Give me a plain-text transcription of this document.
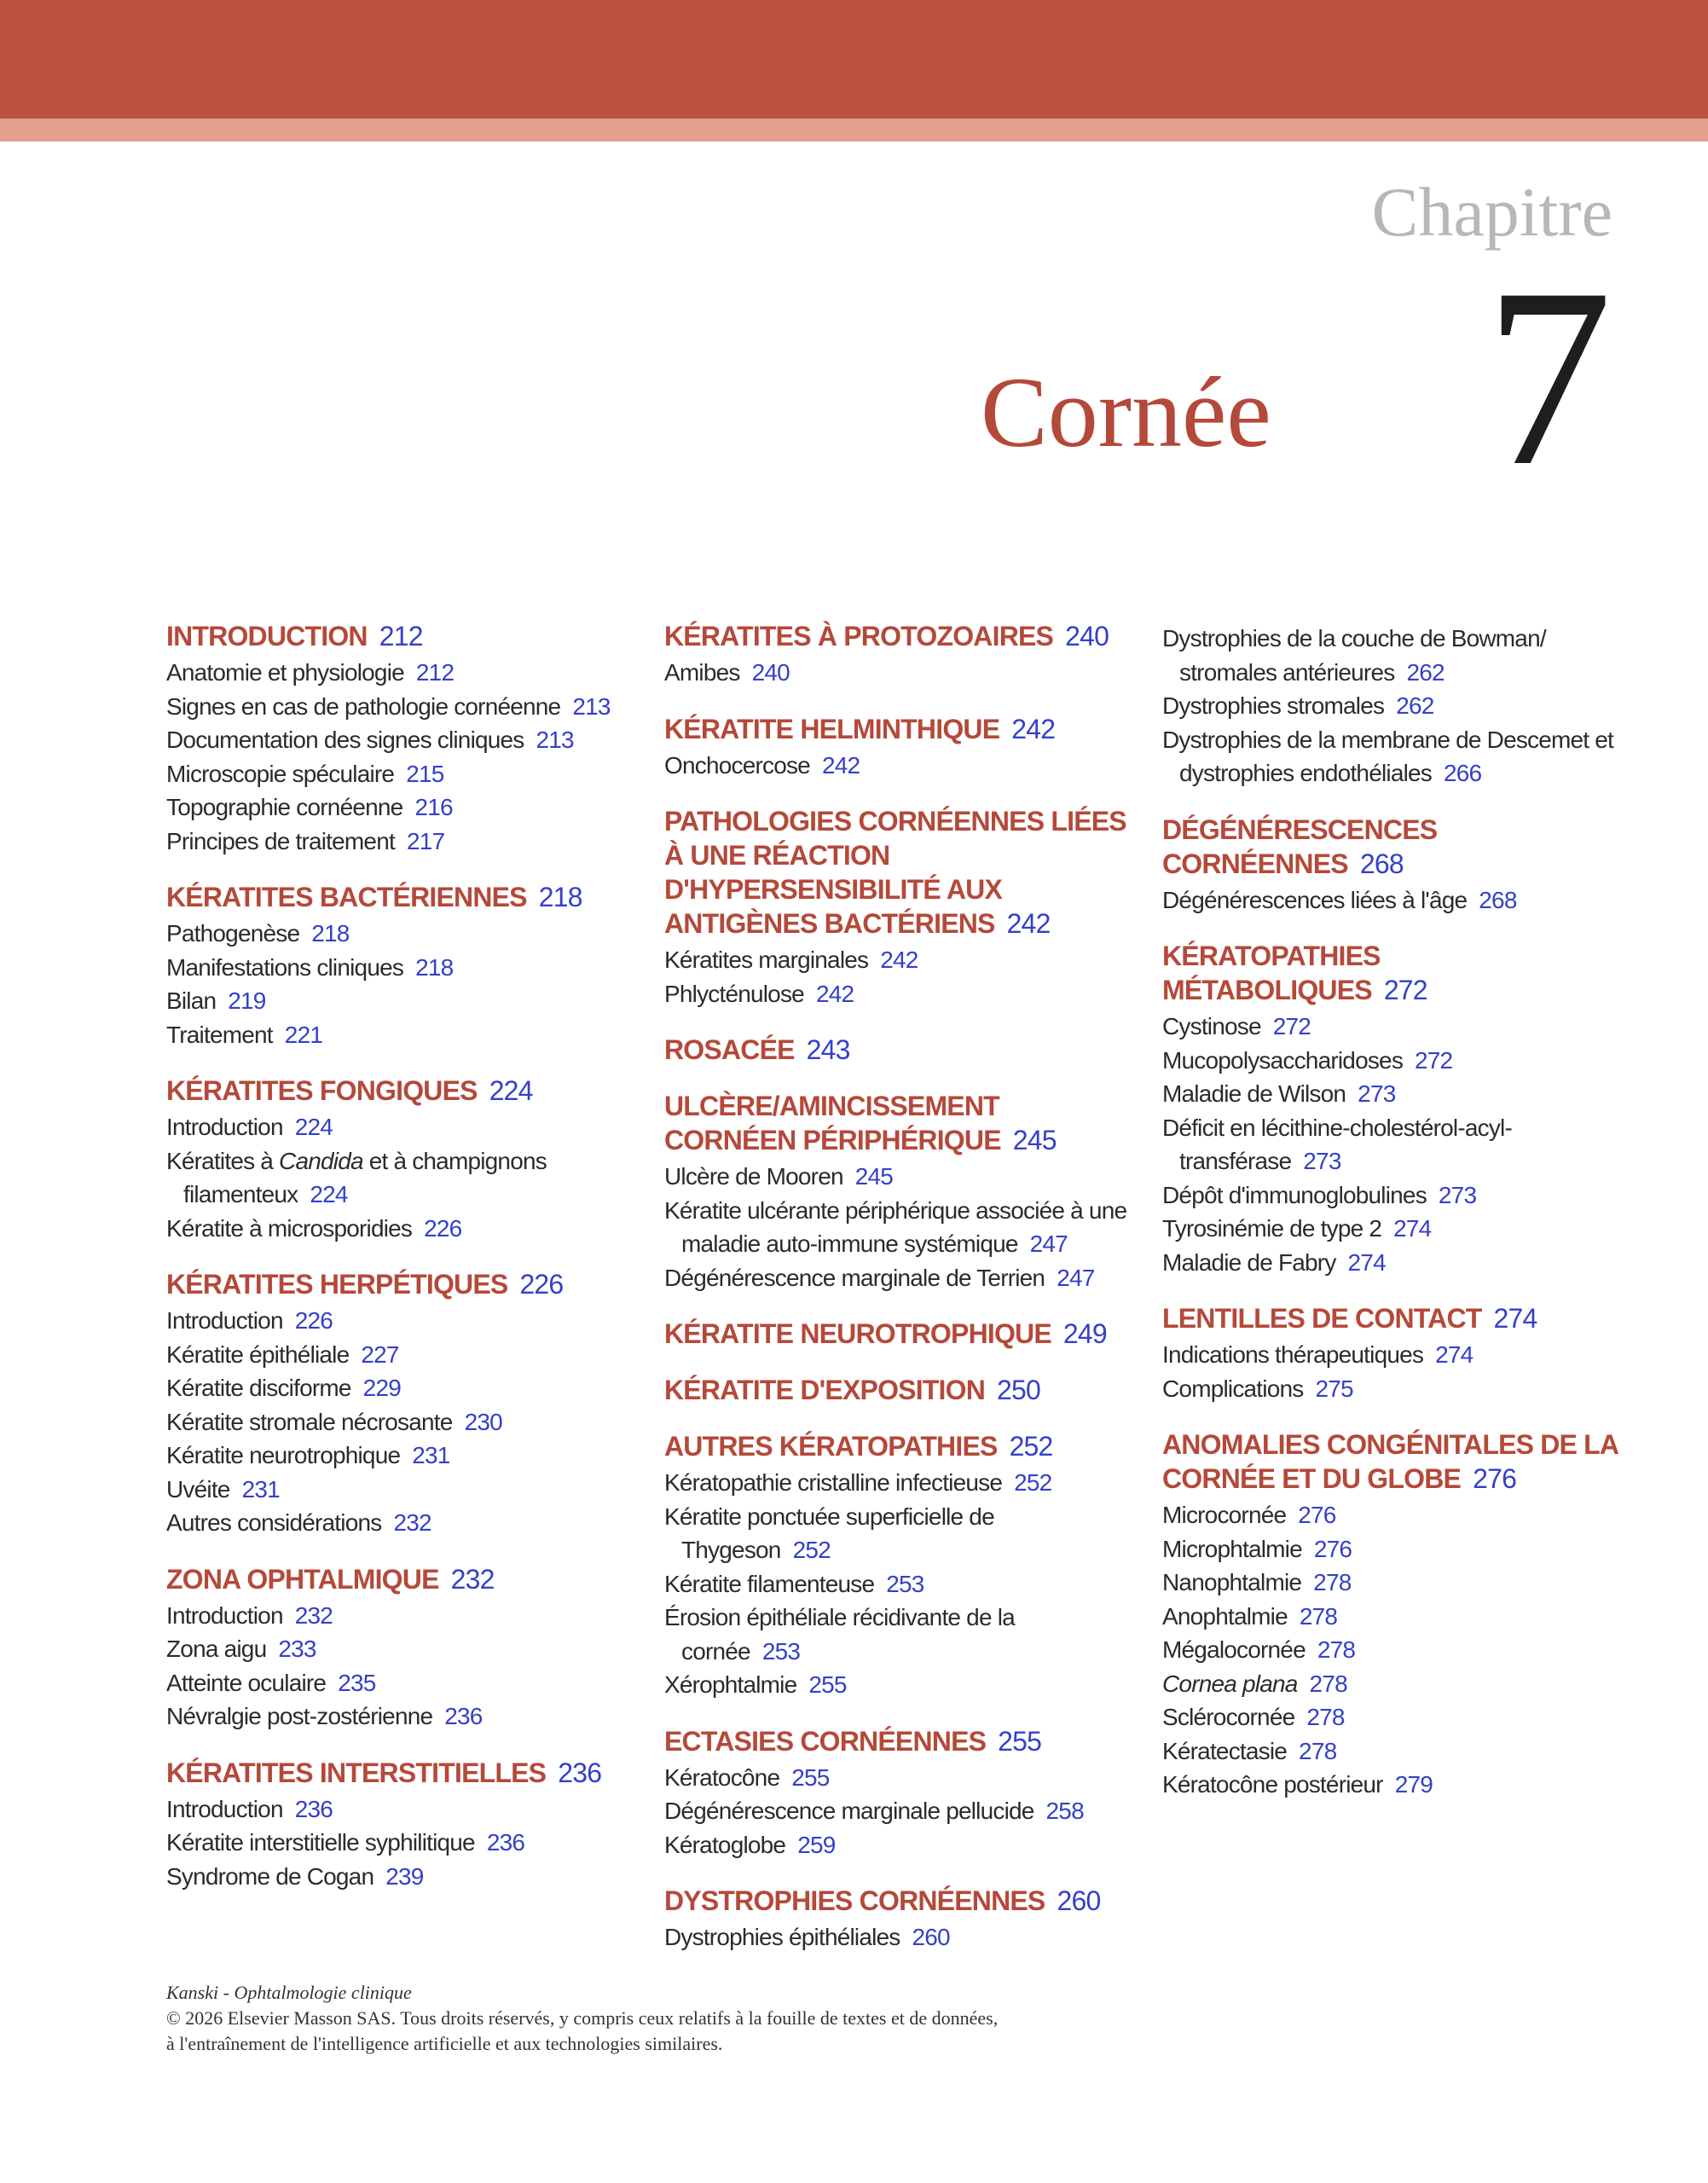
Chapitre
7
Cornée
INTRODUCTION 212
Anatomie et physiologie 212
Signes en cas de pathologie cornéenne 213
Documentation des signes cliniques 213
Microscopie spéculaire 215
Topographie cornéenne 216
Principes de traitement 217
KÉRATITES BACTÉRIENNES 218
Pathogenèse 218
Manifestations cliniques 218
Bilan 219
Traitement 221
KÉRATITES FONGIQUES 224
Introduction 224
Kératites à Candida et à champignons filamenteux 224
Kératite à microsporidies 226
KÉRATITES HERPÉTIQUES 226
Introduction 226
Kératite épithéliale 227
Kératite disciforme 229
Kératite stromale nécrosante 230
Kératite neurotrophique 231
Uvéite 231
Autres considérations 232
ZONA OPHTALMIQUE 232
Introduction 232
Zona aigu 233
Atteinte oculaire 235
Névralgie post-zostérienne 236
KÉRATITES INTERSTITIELLES 236
Introduction 236
Kératite interstitielle syphilitique 236
Syndrome de Cogan 239
KÉRATITES À PROTOZOAIRES 240
Amibes 240
KÉRATITE HELMINTHIQUE 242
Onchocercose 242
PATHOLOGIES CORNÉENNES LIÉES À UNE RÉACTION D'HYPERSENSIBILITÉ AUX ANTIGÈNES BACTÉRIENS 242
Kératites marginales 242
Phlycténulose 242
ROSACÉE 243
ULCÈRE/AMINCISSEMENT CORNÉEN PÉRIPHÉRIQUE 245
Ulcère de Mooren 245
Kératite ulcérante périphérique associée à une maladie auto-immune systémique 247
Dégénérescence marginale de Terrien 247
KÉRATITE NEUROTROPHIQUE 249
KÉRATITE D'EXPOSITION 250
AUTRES KÉRATOPATHIES 252
Kératopathie cristalline infectieuse 252
Kératite ponctuée superficielle de Thygeson 252
Kératite filamenteuse 253
Érosion épithéliale récidivante de la cornée 253
Xérophtalmie 255
ECTASIES CORNÉENNES 255
Kératocône 255
Dégénérescence marginale pellucide 258
Kératoglobe 259
DYSTROPHIES CORNÉENNES 260
Dystrophies épithéliales 260
Dystrophies de la couche de Bowman/ stromales antérieures 262
Dystrophies stromales 262
Dystrophies de la membrane de Descemet et dystrophies endothéliales 266
DÉGÉNÉRESCENCES CORNÉENNES 268
Dégénérescences liées à l'âge 268
KÉRATOPATHIES MÉTABOLIQUES 272
Cystinose 272
Mucopolysaccharidoses 272
Maladie de Wilson 273
Déficit en lécithine-cholestérol-acyl-transférase 273
Dépôt d'immunoglobulines 273
Tyrosinémie de type 2 274
Maladie de Fabry 274
LENTILLES DE CONTACT 274
Indications thérapeutiques 274
Complications 275
ANOMALIES CONGÉNITALES DE LA CORNÉE ET DU GLOBE 276
Microcornée 276
Microphtalmie 276
Nanophtalmie 278
Anophtalmie 278
Mégalocornée 278
Cornea plana 278
Sclérocornée 278
Kératectasie 278
Kératocône postérieur 279
Kanski - Ophtalmologie clinique
© 2026 Elsevier Masson SAS. Tous droits réservés, y compris ceux relatifs à la fouille de textes et de données,
à l'entraînement de l'intelligence artificielle et aux technologies similaires.
